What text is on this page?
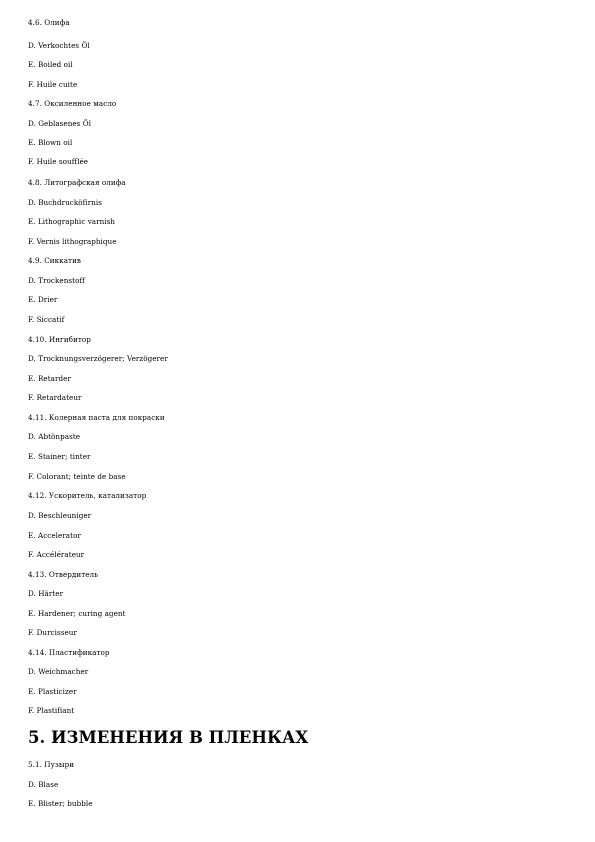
4.6. Олифа
D. Verkochtes Öl
E. Boiled oil
F. Huile cuite
4.7. Оксиленное масло
D. Geblasenes Öl
E. Blown oil
F. Huile soufflée
4.8. Литографская олифа
D. Buchdrucköfirnis
E. Lithographic varnish
F. Vernis lithographique
4.9. Сиккатив
D. Trockenstoff
E. Drier
F. Siccatif
4.10. Ингибитор
D. Trocknungsverzögerer; Verzögerer
E. Retarder
F. Retardateur
4.11. Колерная паста для покраски
D. Abtönpaste
E. Stainer; tinter
F. Colorant; teinte de base
4.12. Ускоритель, катализатор
D. Beschleuniger
E. Accelerator
F. Accélérateur
4.13. Отвердитель
D. Härter
E. Hardener; curing agent
F. Durcisseur
4.14. Пластификатор
D. Weichmacher
E. Plasticizer
F. Plastifiant
5. ИЗМЕНЕНИЯ В ПЛЕНКАХ
5.1. Пузыри
D. Blase
E. Blister; bubble
